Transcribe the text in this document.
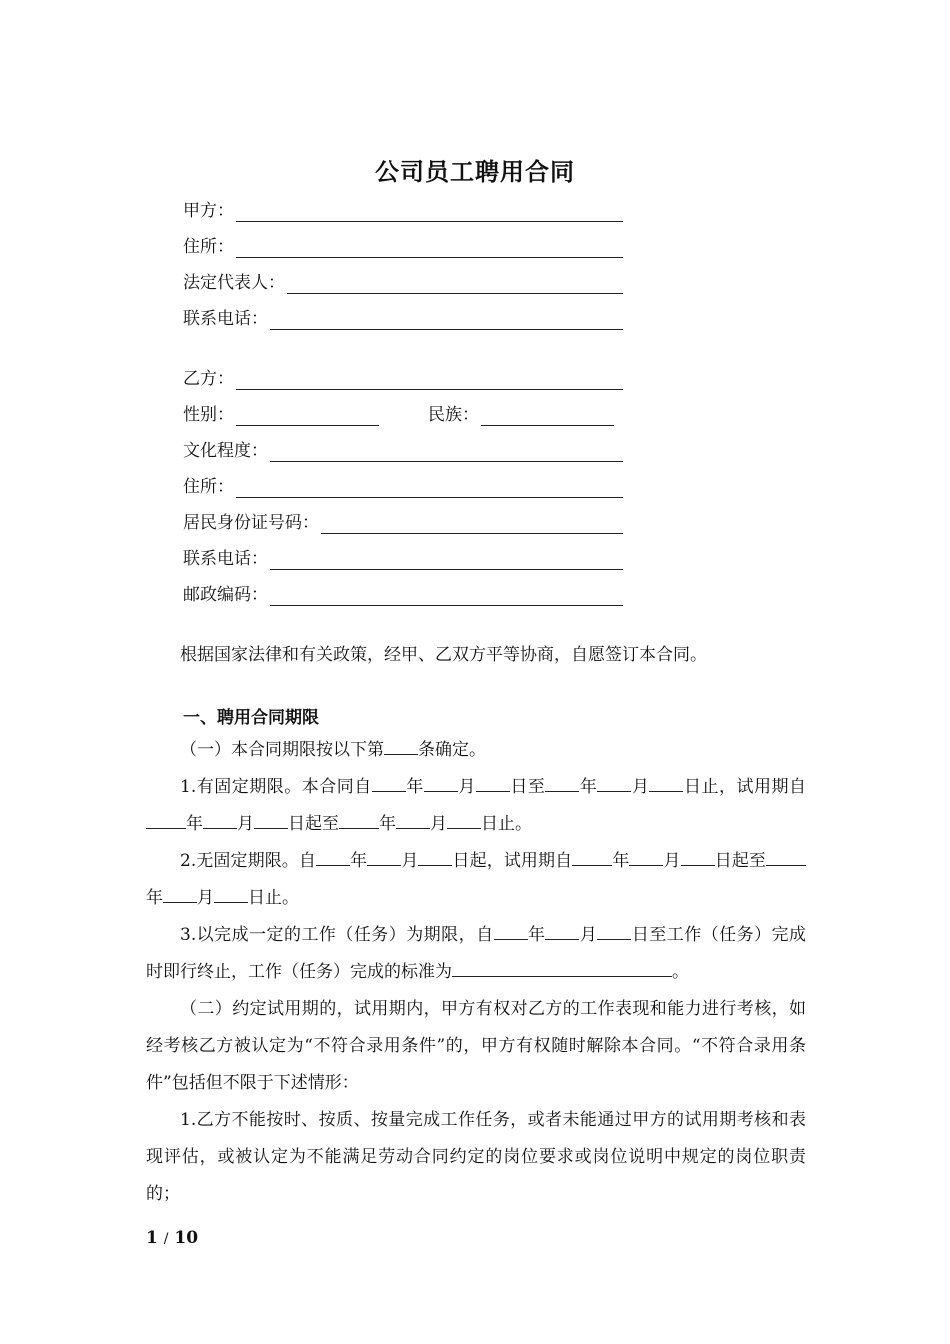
公司员工聘用合同
甲方：
住所：
法定代表人：
联系电话：
乙方：
性别：	民族：
文化程度：
住所：
居民身份证号码：
联系电话：
邮政编码：

根据国家法律和有关政策，经甲、乙双方平等协商，自愿签订本合同。

一、聘用合同期限

（一）本合同期限按以下第 条确定。

1.有固定期限。本合同自 年 月 日至 年 月 日止，试用期自年 月 日起至 年 月 日止。

2.无固定期限。自 年 月 日起，试用期自 年 月 日起至年 月 日止。

3.以完成一定的工作（任务）为期限，自 年 月 日至工作（任务）完成时即行终止，工作（任务）完成的标准为	。

（二）约定试用期的，试用期内，甲方有权对乙方的工作表现和能力进行考核，如经考核乙方被认定为“不符合录用条件”的，甲方有权随时解除本合同。“不符合录用条件”包括但不限于下述情形：

1.乙方不能按时、按质、按量完成工作任务，或者未能通过甲方的试用期考核和表现评估，或被认定为不能满足劳动合同约定的岗位要求或岗位说明中规定的岗位职责的；

1 / 10
